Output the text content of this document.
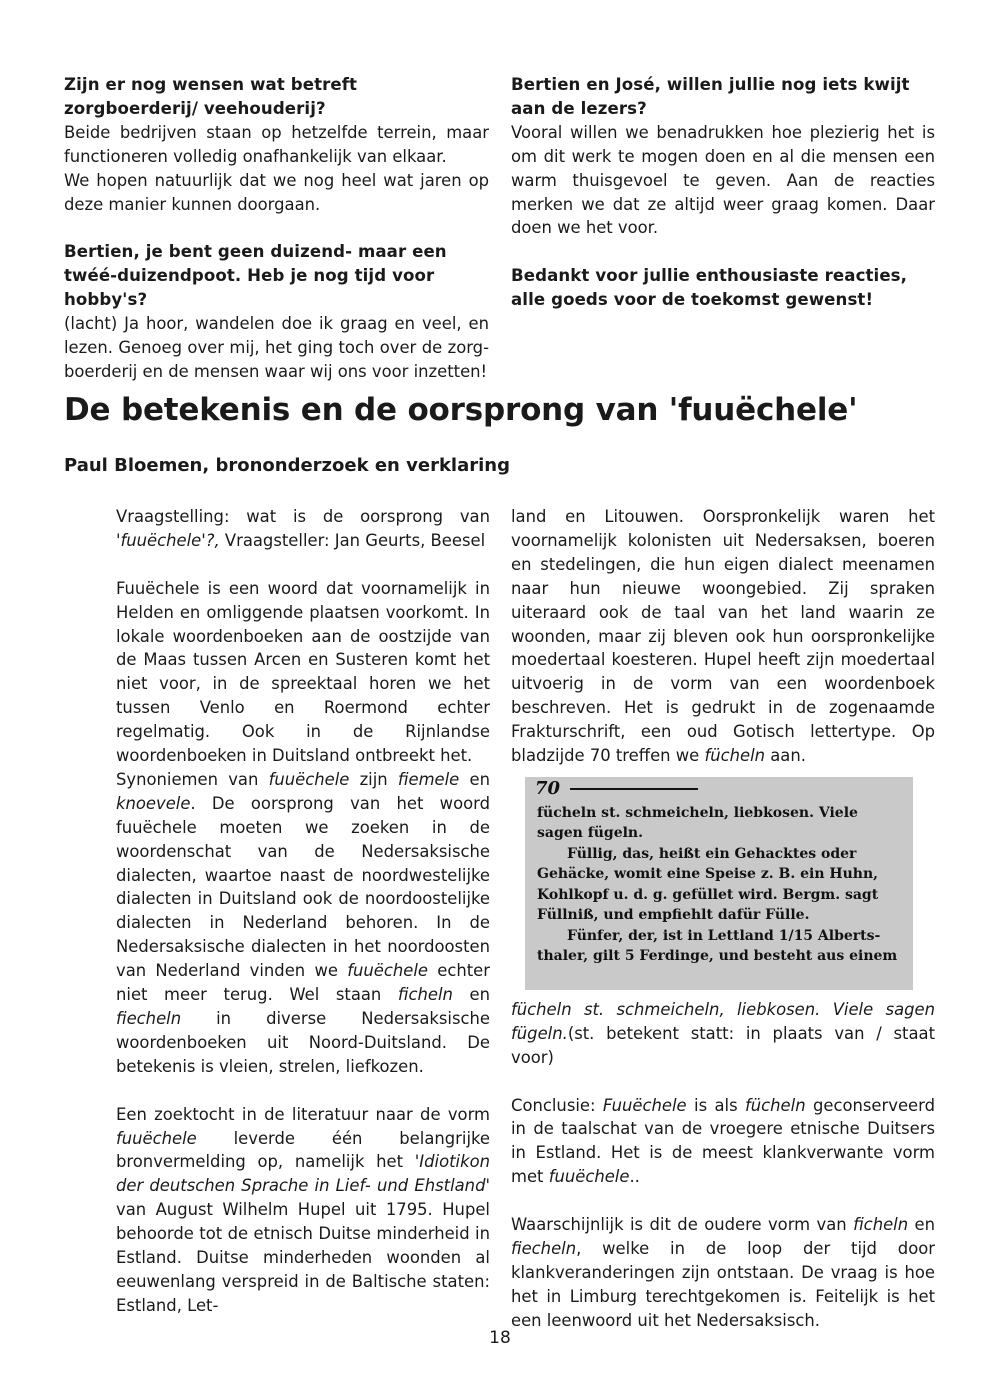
Zijn er nog wensen wat betreft zorgboerderij/ veehouderij?

Beide bedrijven staan op hetzelfde terrein, maar functioneren volledig onafhankelijk van elkaar.

We hopen natuurlijk dat we nog heel wat jaren op deze manier kunnen doorgaan.

Bertien, je bent geen duizend- maar een twéé-duizendpoot. Heb je nog tijd voor hobby's?

(lacht) Ja hoor, wandelen doe ik graag en veel, en lezen. Genoeg over mij, het ging toch over de zorg-boerderij en de mensen waar wij ons voor inzetten!

Bertien en José, willen jullie nog iets kwijt aan de lezers?

Vooral willen we benadrukken hoe plezierig het is om dit werk te mogen doen en al die mensen een warm thuisgevoel te geven. Aan de reacties merken we dat ze altijd weer graag komen. Daar doen we het voor.

Bedankt voor jullie enthousiaste reacties, alle goeds voor de toekomst gewenst!

De betekenis en de oorsprong van 'fuuëchele'
Paul Bloemen, brononderzoek en verklaring

Vraagstelling: wat is de oorsprong van 'fuuëchele'?, Vraagsteller: Jan Geurts, Beesel

Fuuëchele is een woord dat voornamelijk in Helden en omliggende plaatsen voorkomt. In lokale woordenboeken aan de oostzijde van de Maas tussen Arcen en Susteren komt het niet voor, in de spreektaal horen we het tussen Venlo en Roermond echter regelmatig. Ook in de Rijnlandse woordenboeken in Duitsland ontbreekt het.

Synoniemen van fuuëchele zijn fiemele en knoevele. De oorsprong van het woord fuuëchele moeten we zoeken in de woordenschat van de Nedersaksische dialecten, waartoe naast de noordwestelijke dialecten in Duitsland ook de noordoostelijke dialecten in Nederland behoren. In de Nedersaksische dialecten in het noordoosten van Nederland vinden we fuuëchele echter niet meer terug. Wel staan ficheln en fiecheln in diverse Nedersaksische woordenboeken uit Noord-Duitsland. De betekenis is vleien, strelen, liefkozen.

Een zoektocht in de literatuur naar de vorm fuuëchele leverde één belangrijke bronvermelding op, namelijk het 'Idiotikon der deutschen Sprache in Lief- und Ehstland' van August Wilhelm Hupel uit 1795. Hupel behoorde tot de etnisch Duitse minderheid in Estland. Duitse minderheden woonden al eeuwenlang verspreid in de Baltische staten: Estland, Let-

land en Litouwen. Oorspronkelijk waren het voornamelijk kolonisten uit Nedersaksen, boeren en stedelingen, die hun eigen dialect meenamen naar hun nieuwe woongebied. Zij spraken uiteraard ook de taal van het land waarin ze woonden, maar zij bleven ook hun oorspronkelijke moedertaal koesteren. Hupel heeft zijn moedertaal uitvoerig in de vorm van een woordenboek beschreven. Het is gedrukt in de zogenaamde Frakturschrift, een oud Gotisch lettertype. Op bladzijde 70 treffen we fücheln aan.

70
fücheln st. schmeicheln, liebkosen. Viele
sagen fügeln.
Füllig, das, heißt ein Gehacktes oder
Gehäcke, womit eine Speise z. B. ein Huhn,
Kohlkopf u. d. g. gefüllet wird. Bergm. sagt
Füllniß, und empfiehlt dafür Fülle.
Fünfer, der, ist in Lettland 1/15 Alberts-
thaler, gilt 5 Ferdinge, und besteht aus einem

fücheln st. schmeicheln, liebkosen. Viele sagen fügeln.(st. betekent statt: in plaats van / staat voor)

Conclusie: Fuuëchele is als fücheln geconserveerd in de taalschat van de vroegere etnische Duitsers in Estland. Het is de meest klankverwante vorm met fuuëchele..

Waarschijnlijk is dit de oudere vorm van ficheln en fiecheln, welke in de loop der tijd door klankveranderingen zijn ontstaan. De vraag is hoe het in Limburg terechtgekomen is. Feitelijk is het een leenwoord uit het Nedersaksisch.

18
